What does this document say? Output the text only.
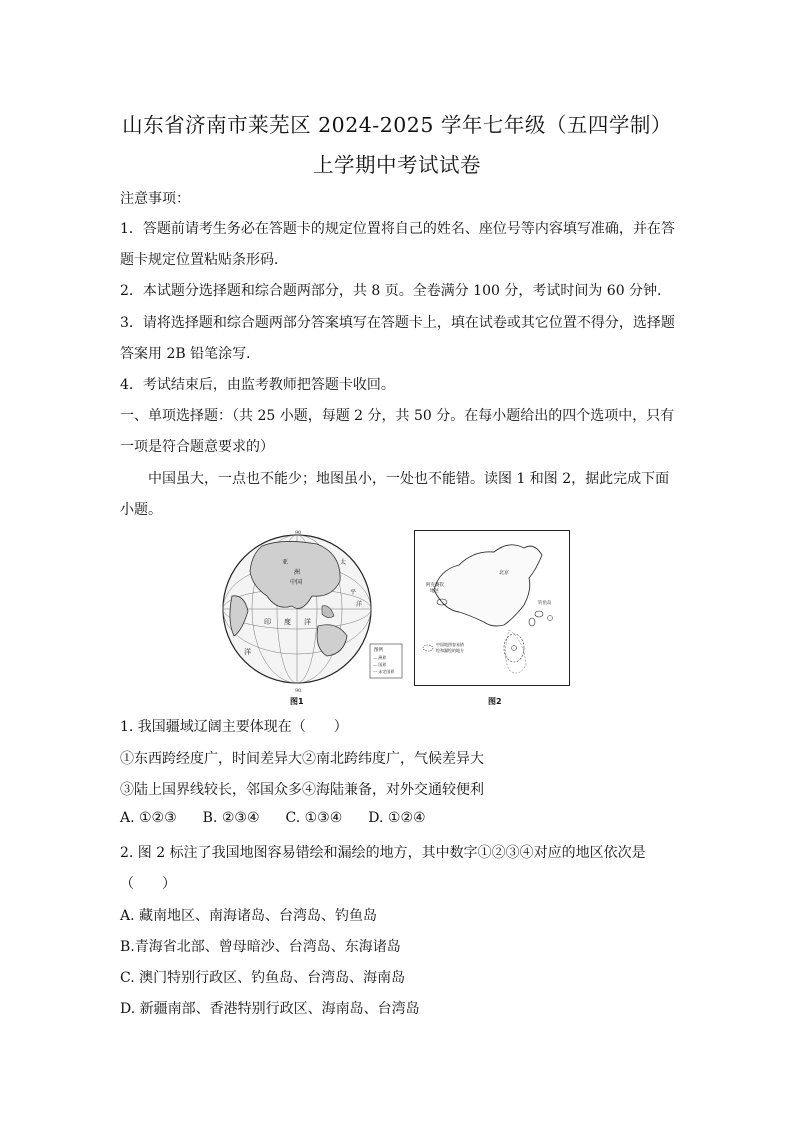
山东省济南市莱芜区 2024-2025 学年七年级（五四学制）
上学期中考试试卷
注意事项：
1．答题前请考生务必在答题卡的规定位置将自己的姓名、座位号等内容填写准确，并在答
题卡规定位置粘贴条形码．
2．本试题分选择题和综合题两部分，共 8 页。全卷满分 100 分，考试时间为 60 分钟．
3．请将选择题和综合题两部分答案填写在答题卡上，填在试卷或其它位置不得分，选择题
答案用 2B 铅笔涂写．
4．考试结束后，由监考教师把答题卡收回。
一、单项选择题：（共 25 小题，每题 2 分，共 50 分。在每小题给出的四个选项中，只有
一项是符合题意要求的）
中国虽大，一点也不能少；地图虽小，一处也不能错。读图 1 和图 2，据此完成下面
小题。
90
90
亚
洲
中国
太
平
洋
印 度 洋
洋	图例
— 洲界
— 国界
--- 未定国界
图1
北京
阿克赛钦
地区
钓鱼岛
中国地图容易错
绘和漏绘的地方
图2
1. 我国疆域辽阔主要体现在（　　）
①东西跨经度广，时间差异大②南北跨纬度广，气候差异大
③陆上国界线较长，邻国众多④海陆兼备，对外交通较便利
A. ①②③ B. ②③④ C. ①③④ D. ①②④
2. 图 2 标注了我国地图容易错绘和漏绘的地方，其中数字①②③④对应的地区依次是
（　　）
A. 藏南地区、南海诸岛、台湾岛、钓鱼岛
B.青海省北部、曾母暗沙、台湾岛、东海诸岛
C. 澳门特别行政区、钓鱼岛、台湾岛、海南岛
D. 新疆南部、香港特别行政区、海南岛、台湾岛
